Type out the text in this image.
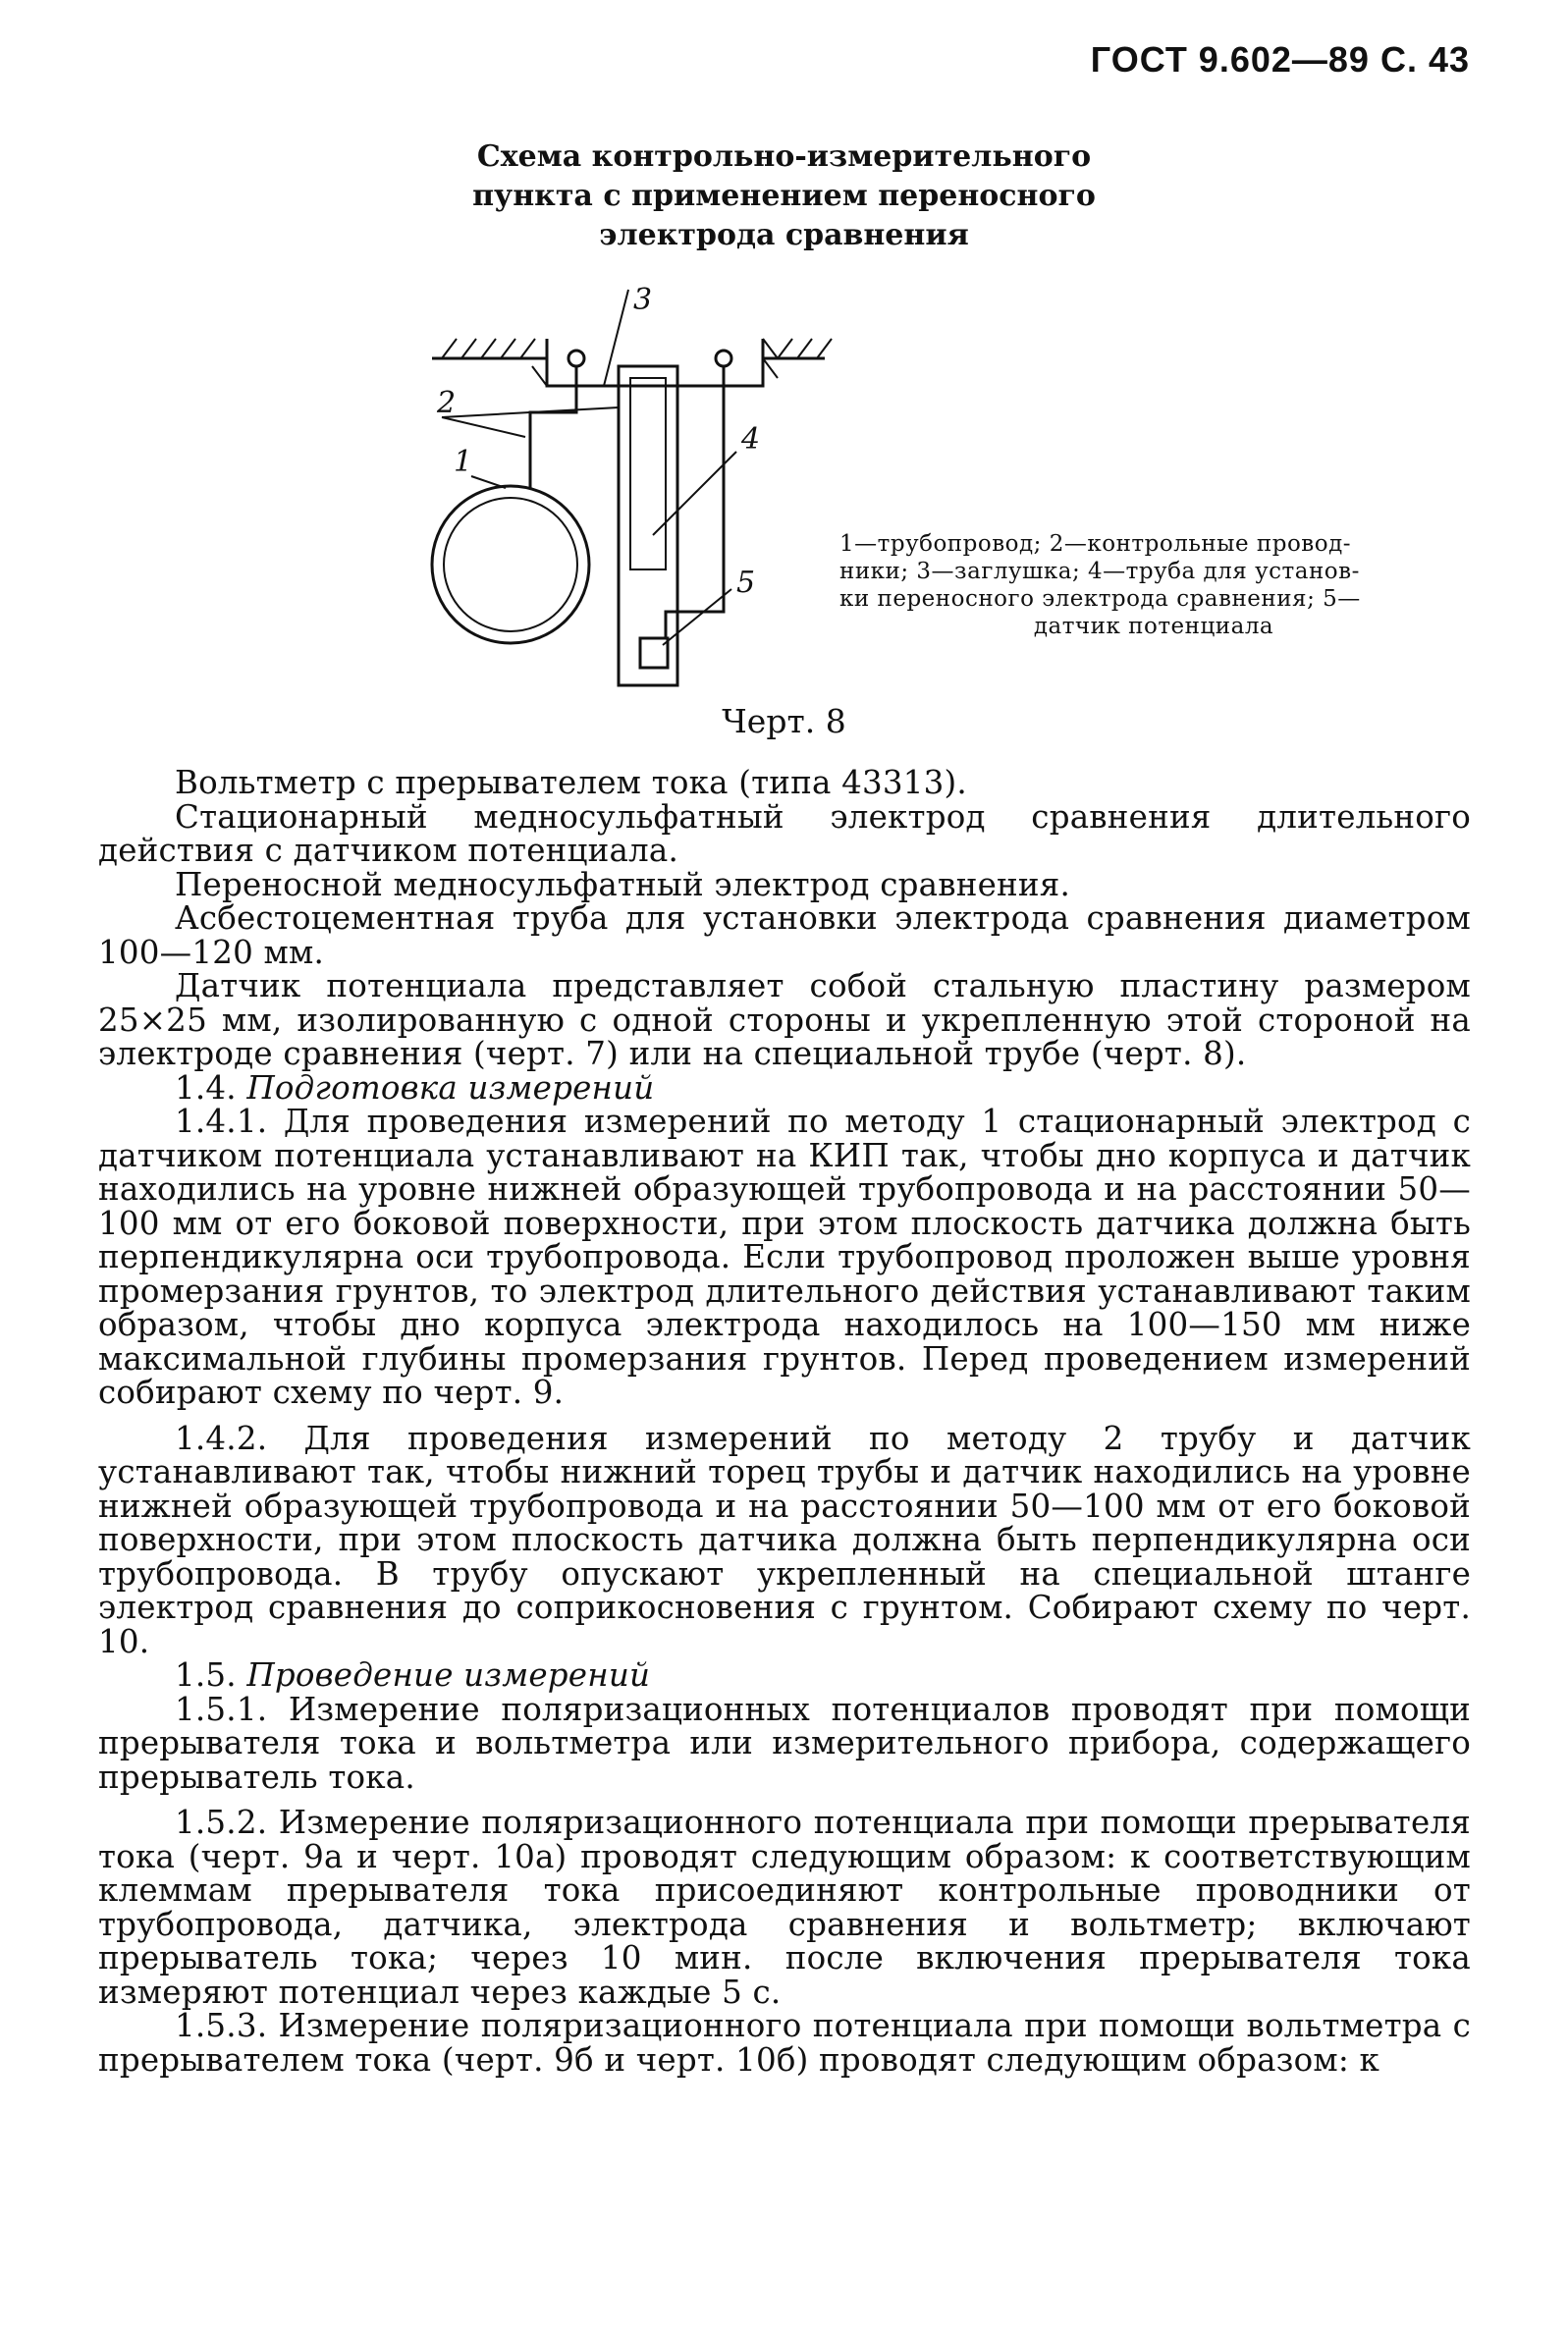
ГОСТ 9.602—89 С. 43
Схема контрольно-измерительного
пункта с применением переносного
электрода сравнения
3
2
1
4
5
1—трубопровод; 2—контрольные провод-
ники; 3—заглушка; 4—труба для установ-
ки переносного электрода сравнения; 5—
датчик потенциала
Черт. 8

Вольтметр с прерывателем тока (типа 43313).

Стационарный медносульфатный электрод сравнения длительного действия с датчиком потенциала.

Переносной медносульфатный электрод сравнения.

Асбестоцементная труба для установки электрода сравнения диаметром 100—120 мм.

Датчик потенциала представляет собой стальную пластину размером 25×25 мм, изолированную с одной стороны и укрепленную этой стороной на электроде сравнения (черт. 7) или на специальной трубе (черт. 8).

1.4. Подготовка измерений

1.4.1. Для проведения измерений по методу 1 стационарный электрод с датчиком потенциала устанавливают на КИП так, чтобы дно корпуса и датчик находились на уровне нижней образующей трубопровода и на расстоянии 50—100 мм от его боковой поверхности, при этом плоскость датчика должна быть перпендикулярна оси трубопровода. Если трубопровод проложен выше уровня промерзания грунтов, то электрод длительного действия устанавливают таким образом, чтобы дно корпуса электрода находилось на 100—150 мм ниже максимальной глубины промерзания грунтов. Перед проведением измерений собирают схему по черт. 9.

1.4.2. Для проведения измерений по методу 2 трубу и датчик устанавливают так, чтобы нижний торец трубы и датчик находились на уровне нижней образующей трубопровода и на расстоянии 50—100 мм от его боковой поверхности, при этом плоскость датчика должна быть перпендикулярна оси трубопровода. В трубу опускают укрепленный на специальной штанге электрод сравнения до соприкосновения с грунтом. Собирают схему по черт. 10.

1.5. Проведение измерений

1.5.1. Измерение поляризационных потенциалов проводят при помощи прерывателя тока и вольтметра или измерительного прибора, содержащего прерыватель тока.

1.5.2. Измерение поляризационного потенциала при помощи прерывателя тока (черт. 9а и черт. 10а) проводят следующим образом: к соответствующим клеммам прерывателя тока присоединяют контрольные проводники от трубопровода, датчика, электрода сравнения и вольтметр; включают прерыватель тока; через 10 мин. после включения прерывателя тока измеряют потенциал через каждые 5 с.

1.5.3. Измерение поляризационного потенциала при помощи вольтметра с прерывателем тока (черт. 9б и черт. 10б) проводят следующим образом: к
